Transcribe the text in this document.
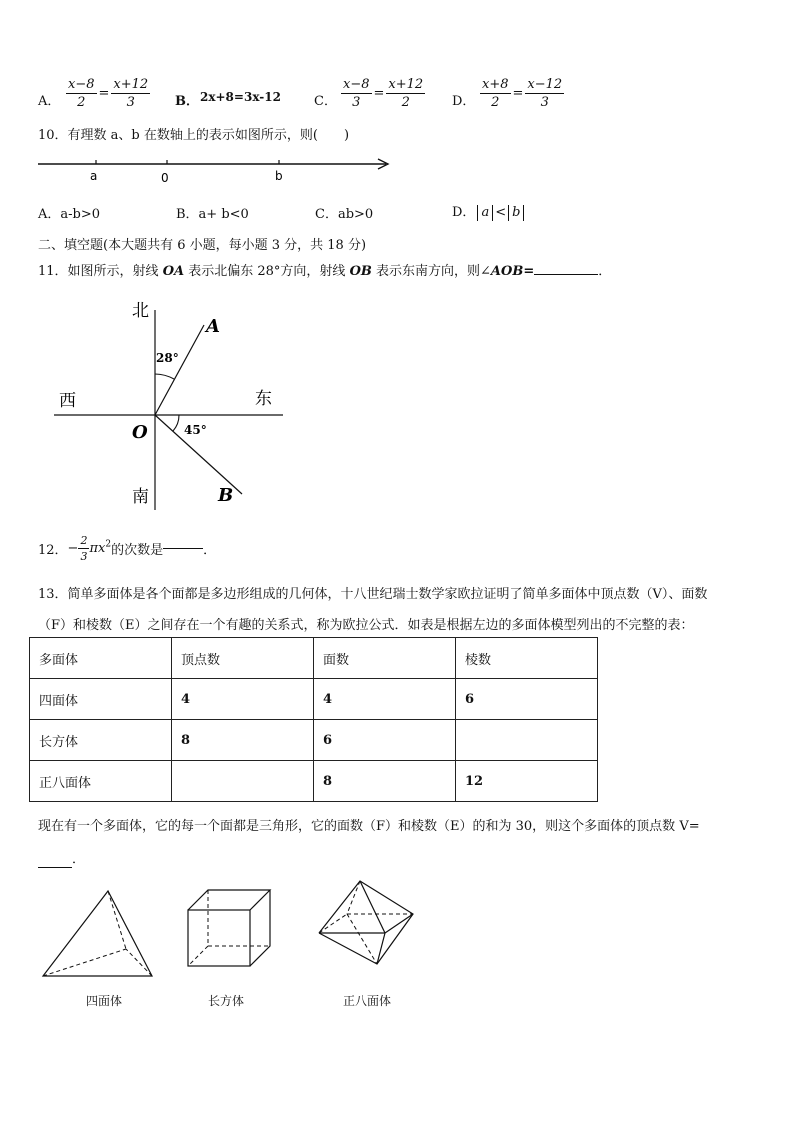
A． $\frac{x-8}{2} = \frac{x+12}{3}$ B． 2x+8=3x-12	C． $\frac{x-8}{3} = \frac{x+12}{2}$ D． $\frac{x+8}{2} = \frac{x-12}{3}$
10．有理数 a、b 在数轴上的表示如图所示，则(　　)
a	0	b
A．a-b>0	B．a+ b<0	C．ab>0	D． a < b
二、填空题(本大题共有 6 小题，每小题 3 分，共 18 分)
11．如图所示，射线 OA 表示北偏东 28°方向，射线 OB 表示东南方向，则∠AOB=	．
北
南
西	东
A
B
O
28°
45°
12．− $\frac{2}{3} \pi x^2$的次数是	．
13．简单多面体是各个面都是多边形组成的几何体，十八世纪瑞士数学家欧拉证明了简单多面体中顶点数（V）、面数
（F）和棱数（E）之间存在一个有趣的关系式，称为欧拉公式．如表是根据左边的多面体模型列出的不完整的表：
多面体	顶点数	面数	棱数
四面体	4	4	6
长方体	8	6	
正八面体		8	12
现在有一个多面体，它的每一个面都是三角形，它的面数（F）和棱数（E）的和为 30，则这个多面体的顶点数 V=
．
四面体	长方体	正八面体
